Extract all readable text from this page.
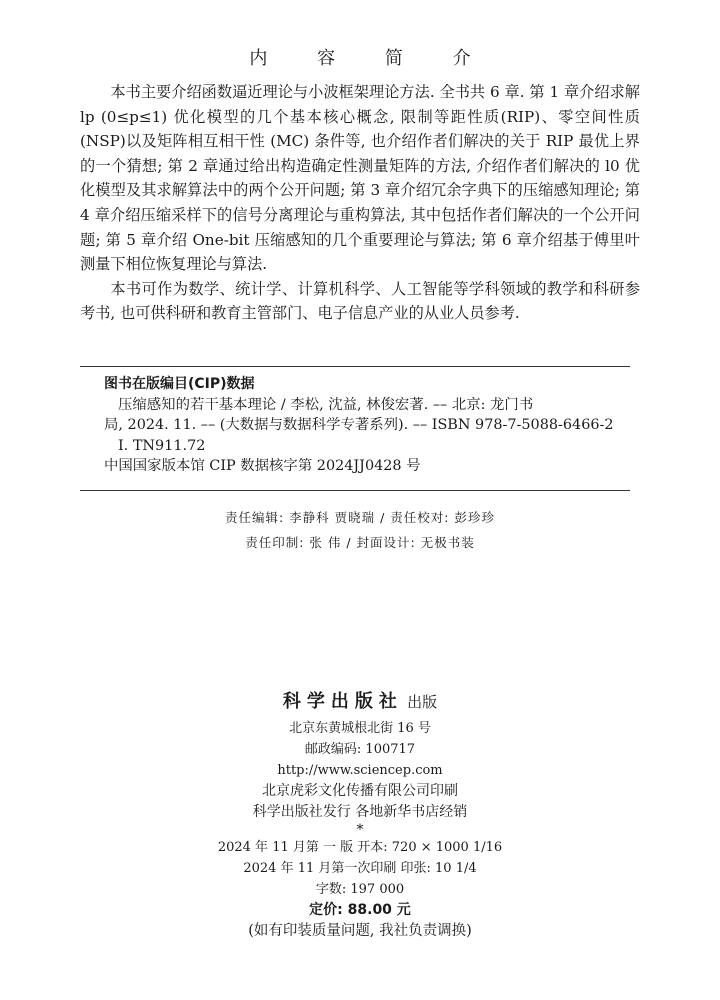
内 容 简 介

本书主要介绍函数逼近理论与小波框架理论方法. 全书共 6 章. 第 1 章介绍求解 lp (0≤p≤1) 优化模型的几个基本核心概念, 限制等距性质(RIP)、零空间性质(NSP)以及矩阵相互相干性 (MC) 条件等, 也介绍作者们解决的关于 RIP 最优上界的一个猜想; 第 2 章通过给出构造确定性测量矩阵的方法, 介绍作者们解决的 l0 优化模型及其求解算法中的两个公开问题; 第 3 章介绍冗余字典下的压缩感知理论; 第 4 章介绍压缩采样下的信号分离理论与重构算法, 其中包括作者们解决的一个公开问题; 第 5 章介绍 One-bit 压缩感知的几个重要理论与算法; 第 6 章介绍基于傅里叶测量下相位恢复理论与算法.

本书可作为数学、统计学、计算机科学、人工智能等学科领域的教学和科研参考书, 也可供科研和教育主管部门、电子信息产业的从业人员参考.

图书在版编目(CIP)数据
压缩感知的若干基本理论 / 李松, 沈益, 林俊宏著. –– 北京: 龙门书
局, 2024. 11. –– (大数据与数据科学专著系列). –– ISBN 978-7-5088-6466-2
I. TN911.72
中国国家版本馆 CIP 数据核字第 2024JJ0428 号
责任编辑: 李静科 贾晓瑞 / 责任校对: 彭珍珍
责任印制: 张 伟 / 封面设计: 无极书装
科学出版社 出版
北京东黄城根北街 16 号
邮政编码: 100717
http://www.sciencep.com
北京虎彩文化传播有限公司印刷
科学出版社发行 各地新华书店经销
*
2024 年 11 月第 一 版 开本: 720 × 1000 1/16
2024 年 11 月第一次印刷 印张: 10 1/4
字数: 197 000
定价: 88.00 元
(如有印装质量问题, 我社负责调换)
